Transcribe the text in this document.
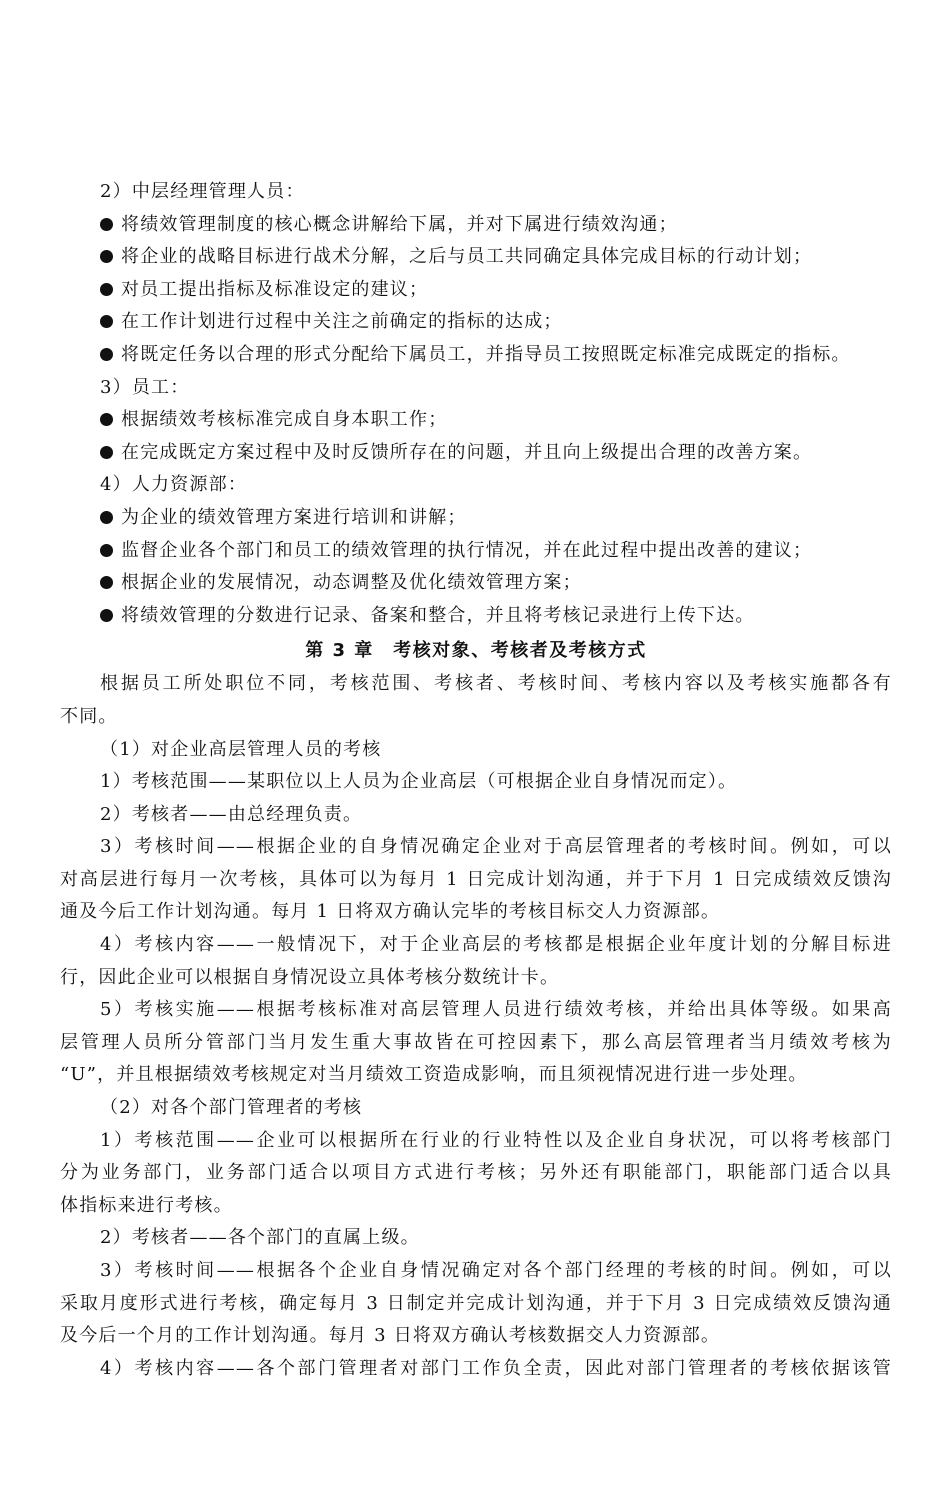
2）中层经理管理人员：
将绩效管理制度的核心概念讲解给下属，并对下属进行绩效沟通；
将企业的战略目标进行战术分解，之后与员工共同确定具体完成目标的行动计划；
对员工提出指标及标准设定的建议；
在工作计划进行过程中关注之前确定的指标的达成；
将既定任务以合理的形式分配给下属员工，并指导员工按照既定标准完成既定的指标。
3）员工：
根据绩效考核标准完成自身本职工作；
在完成既定方案过程中及时反馈所存在的问题，并且向上级提出合理的改善方案。
4）人力资源部：
为企业的绩效管理方案进行培训和讲解；
监督企业各个部门和员工的绩效管理的执行情况，并在此过程中提出改善的建议；
根据企业的发展情况，动态调整及优化绩效管理方案；
将绩效管理的分数进行记录、备案和整合，并且将考核记录进行上传下达。
第 3 章　考核对象、考核者及考核方式
根据员工所处职位不同，考核范围、考核者、考核时间、考核内容以及考核实施都各有
不同。
（1）对企业高层管理人员的考核
1）考核范围——某职位以上人员为企业高层（可根据企业自身情况而定）。
2）考核者——由总经理负责。
3）考核时间——根据企业的自身情况确定企业对于高层管理者的考核时间。例如，可以
对高层进行每月一次考核，具体可以为每月 1 日完成计划沟通，并于下月 1 日完成绩效反馈沟
通及今后工作计划沟通。每月 1 日将双方确认完毕的考核目标交人力资源部。
4）考核内容——一般情况下，对于企业高层的考核都是根据企业年度计划的分解目标进
行，因此企业可以根据自身情况设立具体考核分数统计卡。
5）考核实施——根据考核标准对高层管理人员进行绩效考核，并给出具体等级。如果高
层管理人员所分管部门当月发生重大事故皆在可控因素下，那么高层管理者当月绩效考核为
“U”，并且根据绩效考核规定对当月绩效工资造成影响，而且须视情况进行进一步处理。
（2）对各个部门管理者的考核
1）考核范围——企业可以根据所在行业的行业特性以及企业自身状况，可以将考核部门
分为业务部门，业务部门适合以项目方式进行考核；另外还有职能部门，职能部门适合以具
体指标来进行考核。
2）考核者——各个部门的直属上级。
3）考核时间——根据各个企业自身情况确定对各个部门经理的考核的时间。例如，可以
采取月度形式进行考核，确定每月 3 日制定并完成计划沟通，并于下月 3 日完成绩效反馈沟通
及今后一个月的工作计划沟通。每月 3 日将双方确认考核数据交人力资源部。
4）考核内容——各个部门管理者对部门工作负全责，因此对部门管理者的考核依据该管
